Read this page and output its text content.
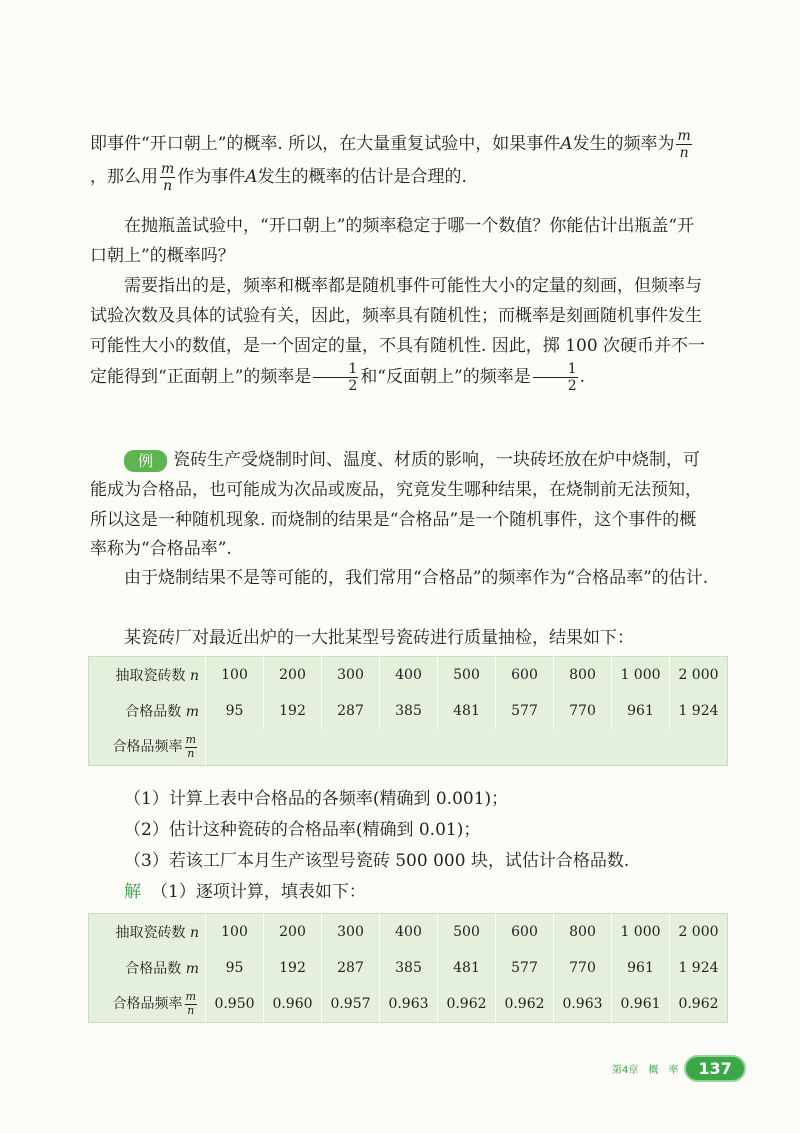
即事件“开口朝上”的概率. 所以，在大量重复试验中，如果事件A发生的频率为 $\frac{m}{n}$
，那么用 $\frac{m}{n}$ 作为事件A发生的概率的估计是合理的.

在抛瓶盖试验中，“开口朝上”的频率稳定于哪一个数值？你能估计出瓶盖“开口朝上”的概率吗？

需要指出的是，频率和概率都是随机事件可能性大小的定量的刻画，但频率与试验次数及具体的试验有关，因此，频率具有随机性；而概率是刻画随机事件发生可能性大小的数值，是一个固定的量，不具有随机性. 因此，掷 100 次硬币并不一定能得到“正面朝上”的频率是 $\frac{1}{2}$ 和“反面朝上”的频率是 $\frac{1}{2}$ .

例 瓷砖生产受烧制时间、温度、材质的影响，一块砖坯放在炉中烧制，可能成为合格品，也可能成为次品或废品，究竟发生哪种结果，在烧制前无法预知，所以这是一种随机现象. 而烧制的结果是“合格品”是一个随机事件，这个事件的概率称为“合格品率”.

由于烧制结果不是等可能的，我们常用“合格品”的频率作为“合格品率”的估计.

某瓷砖厂对最近出炉的一大批某型号瓷砖进行质量抽检，结果如下：

抽取瓷砖数 n	100	200	300	400	500	600	800	1 000	2 000
合格品数 m	95	192	287	385	481	577	770	961	1 924
合格品频率 $\frac{m}{n}$

（1）计算上表中合格品的各频率(精确到 0.001)；

（2）估计这种瓷砖的合格品率(精确到 0.01)；

（3）若该工厂本月生产该型号瓷砖 500 000 块，试估计合格品数.

解 （1）逐项计算，填表如下：

抽取瓷砖数 n	100	200	300	400	500	600	800	1 000	2 000
合格品数 m	95	192	287	385	481	577	770	961	1 924
合格品频率 $\frac{m}{n}$	0.950	0.960	0.957	0.963	0.962	0.962	0.963	0.961	0.962
第4章　概　率	137
